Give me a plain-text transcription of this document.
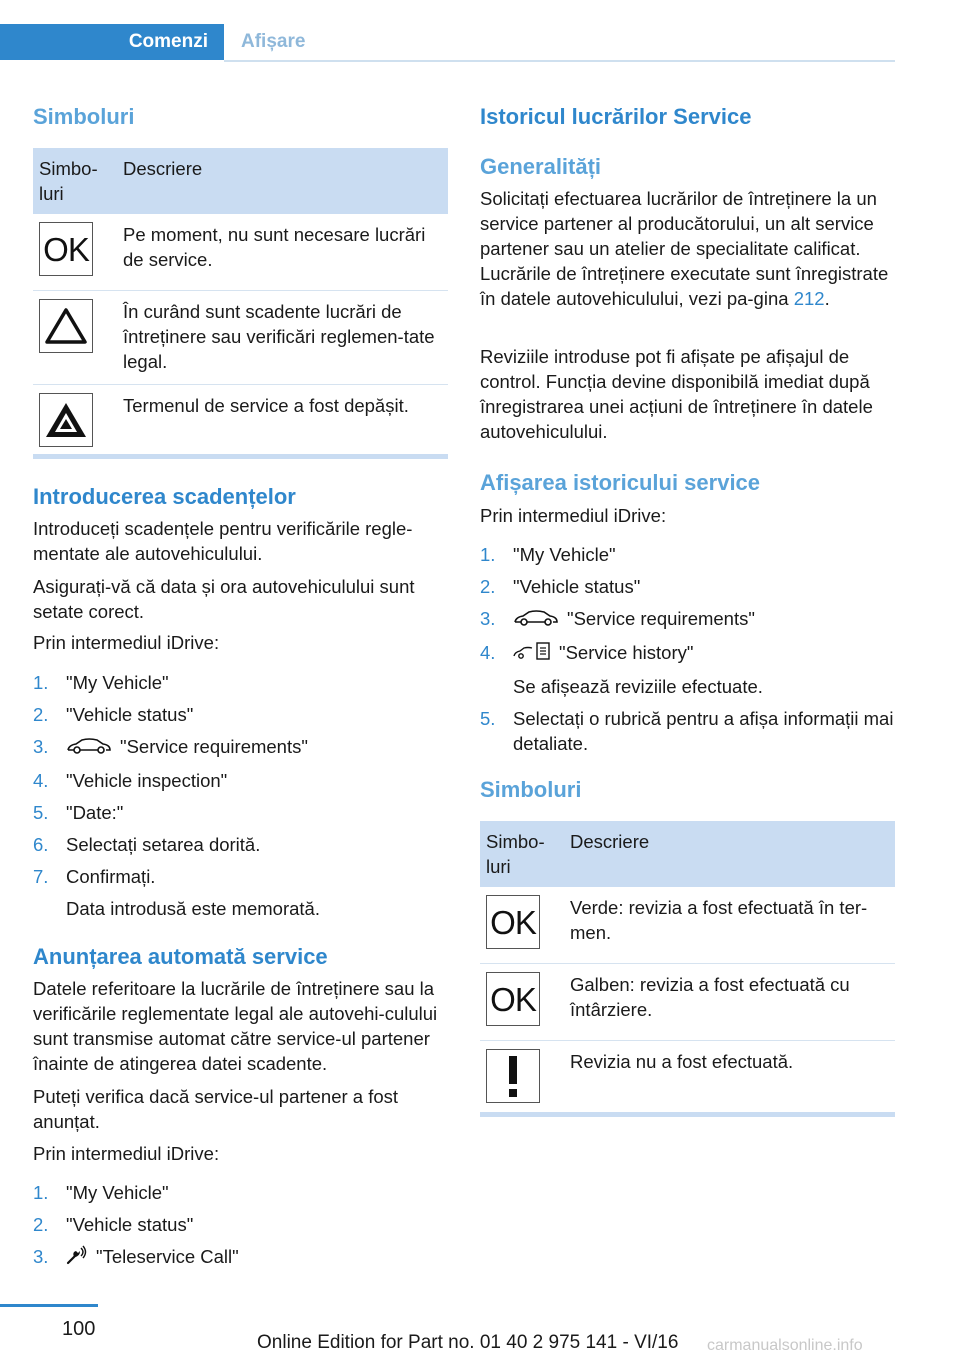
Comenzi	Afișare
Simboluri
Simbo-
luri	Descriere

OK	Pe moment, nu sunt necesare lucrări de service.

	În curând sunt scadente lucrări de întreținere sau verificări reglemen‐tate legal.

	Termenul de service a fost depășit.
Introducerea scadențelor

Introduceți scadențele pentru verificările regle‐mentate ale autovehiculului.

Asigurați-vă că data și ora autovehiculului sunt setate corect.

Prin intermediul iDrive:

1. "My Vehicle"
2. "Vehicle status"
3.	"Service requirements"
4. "Vehicle inspection"
5. "Date:"
6. Selectați setarea dorită.
7. Confirmați.
Data introdusă este memorată.
Anunțarea automată service

Datele referitoare la lucrările de întreținere sau la verificările reglementate legal ale autovehi‐culului sunt transmise automat către service-ul partener înainte de atingerea datei scadente.

Puteți verifica dacă service-ul partener a fost anunțat.

Prin intermediul iDrive:

1. "My Vehicle"
2. "Vehicle status"
3.	"Teleservice Call"
Istoricul lucrărilor Service
Generalități

Solicitați efectuarea lucrărilor de întreținere la un service partener al producătorului, un alt service partener sau un atelier de specialitate calificat. Lucrările de întreținere executate sunt înregistrate în datele autovehiculului, vezi pa‐gina 212.

Reviziile introduse pot fi afișate pe afișajul de control. Funcția devine disponibilă imediat după înregistrarea unei acțiuni de întreținere în datele autovehiculului.

Afișarea istoricului service

Prin intermediul iDrive:

1. "My Vehicle"
2. "Vehicle status"
3.	"Service requirements"
4.	"Service history"
Se afișează reviziile efectuate.
5. Selectați o rubrică pentru a afișa informații mai detaliate.
Simboluri
Simbo-
luri	Descriere

OK	Verde: revizia a fost efectuată în ter‐men.

OK	Galben: revizia a fost efectuată cu întârziere.

	Revizia nu a fost efectuată.
100
Online Edition for Part no. 01 40 2 975 141 - VI/16 carmanualsonline.info
